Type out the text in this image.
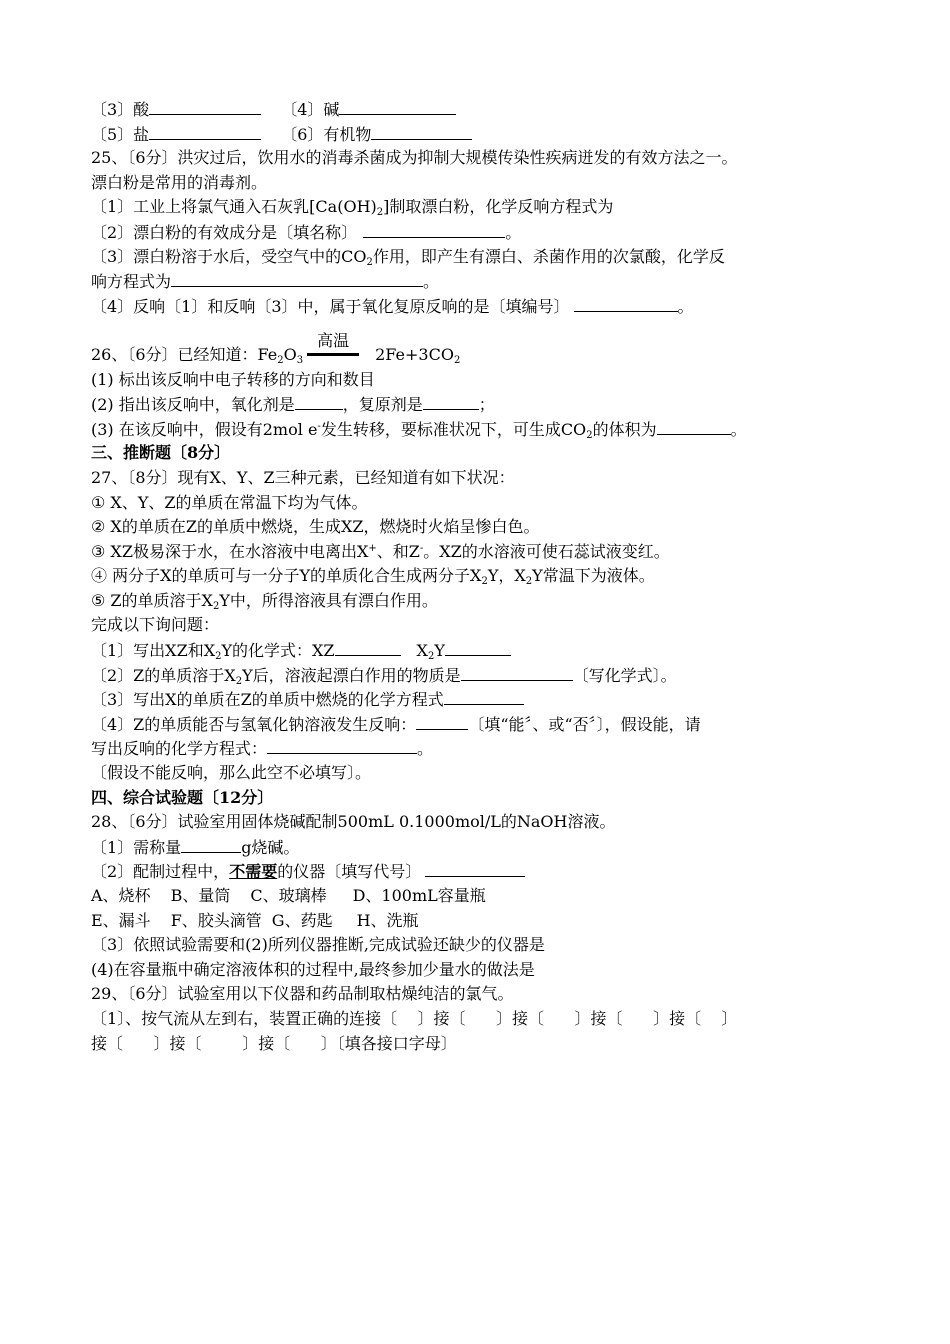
〔3〕酸	〔4〕碱
〔5〕盐	〔6〕有机物
25、〔6分〕洪灾过后，饮用水的消毒杀菌成为抑制大规模传染性疾病迸发的有效方法之一。
漂白粉是常用的消毒剂。
〔1〕工业上将氯气通入石灰乳$[Ca(OH)_2]$制取漂白粉，化学反响方程式为
〔2〕漂白粉的有效成分是〔填名称〕	。
〔3〕漂白粉溶于水后，受空气中的$CO_2$作用，即产生有漂白、杀菌作用的次氯酸，化学反
响方程式为	。
〔4〕反响〔1〕和反响〔3〕中，属于氧化复原反响的是〔填编号〕	。
26、〔6分〕已经知道：$Fe_2O_3$
高温
$2Fe+3CO_2$
(1) 标出该反响中电子转移的方向和数目
(2) 指出该反响中，氧化剂是	，复原剂是	；
(3) 在该反响中，假设有2mol e-发生转移，要标准状况下，可生成$CO_2$的体积为	。
三、推断题〔8分〕
27、〔8分〕现有X、Y、Z三种元素，已经知道有如下状况：
① X、Y、Z的单质在常温下均为气体。
② X的单质在Z的单质中燃烧，生成XZ，燃烧时火焰呈惨白色。
③ XZ极易深于水，在水溶液中电离出X+、和Z-。XZ的水溶液可使石蕊试液变红。
④ 两分子X的单质可与一分子Y的单质化合生成两分子$X_2Y$，$X_2Y$常温下为液体。
⑤ Z的单质溶于$X_2Y$中，所得溶液具有漂白作用。
完成以下询问题：
〔1〕写出XZ和$X_2Y$的化学式：XZ	$X_2Y$
〔2〕Z的单质溶于$X_2Y$后，溶液起漂白作用的物质是	〔写化学式〕。
〔3〕写出X的单质在Z的单质中燃烧的化学方程式
〔4〕Z的单质能否与氢氧化钠溶液发生反响：	〔填“能〞、或“否〞〕，假设能，请
写出反响的化学方程式：	。
〔假设不能反响，那么此空不必填写〕。
四、综合试验题〔12分〕
28、〔6分〕试验室用固体烧碱配制500mL 0.1000mol/L的NaOH溶液。
〔1〕需称量	g烧碱。
〔2〕配制过程中，不需要的仪器〔填写代号〕
A、烧杯 B、量筒 C、玻璃棒 D、100mL容量瓶
E、漏斗 F、胶头滴管 G、药匙 H、洗瓶
〔3〕依照试验需要和(2)所列仪器推断,完成试验还缺少的仪器是
(4)在容量瓶中确定溶液体积的过程中,最终参加少量水的做法是
29、〔6分〕试验室用以下仪器和药品制取枯燥纯洁的氯气。
〔1〕、按气流从左到右，装置正确的连接〔    〕接〔      〕接〔      〕接〔      〕接〔    〕
接〔      〕接〔        〕接〔      〕〔填各接口字母〕
